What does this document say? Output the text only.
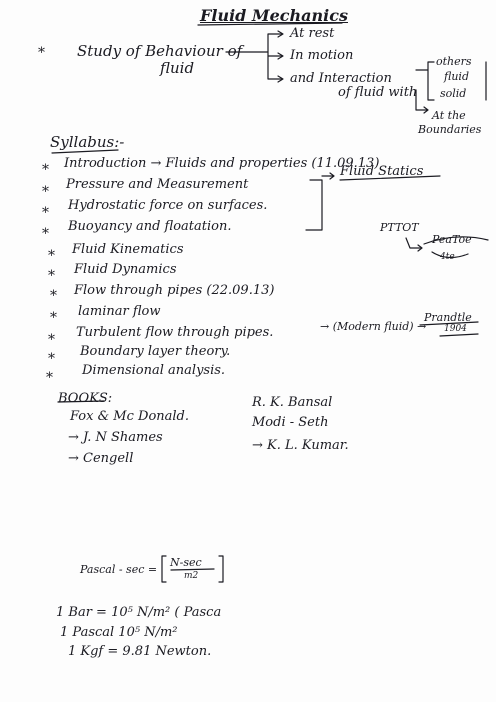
Fluid Mechanics
* Study of Behaviour of
fluid
At rest
In motion
and Interaction
of fluid with
others
fluid
solid
At the
Boundaries
Syllabus:-
* Introduction → Fluids and properties (11.09.13)
* Pressure and Measurement
* Hydrostatic force on surfaces.
* Buoyancy and floatation.
* Fluid Kinematics
* Fluid Dynamics
* Flow through pipes (22.09.13)
* laminar flow
* Turbulent flow through pipes.
* Boundary layer theory.
* Dimensional analysis.
Fluid Statics
PTTOT
PeaToe
4te
→ (Modern fluid) →
Prandtle
1904
BOOKS:
Fox & Mc Donald.
→ J. N Shames
→ Cengell
R. K. Bansal
Modi - Seth
→ K. L. Kumar.
Pascal - sec =
N-sec
m2
1 Bar = 10⁵ N/m² ( Pasca
1 Pascal 10⁵ N/m²
1 Kgf = 9.81 Newton.
